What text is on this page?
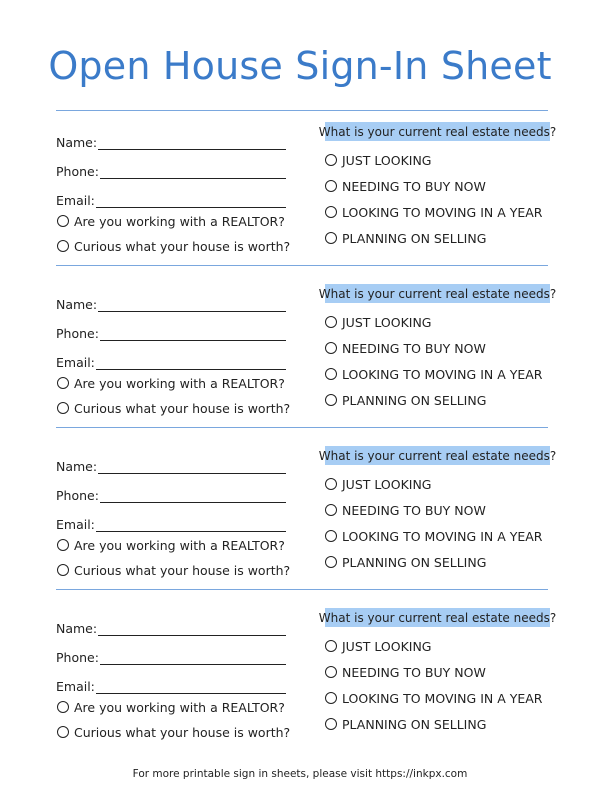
Open House Sign-In Sheet
Name:
Phone:
Email:
Are you working with a REALTOR?
Curious what your house is worth?
What is your current real estate needs?
JUST LOOKING
NEEDING TO BUY NOW
LOOKING TO MOVING IN A YEAR
PLANNING ON SELLING
Name:
Phone:
Email:
Are you working with a REALTOR?
Curious what your house is worth?
What is your current real estate needs?
JUST LOOKING
NEEDING TO BUY NOW
LOOKING TO MOVING IN A YEAR
PLANNING ON SELLING
Name:
Phone:
Email:
Are you working with a REALTOR?
Curious what your house is worth?
What is your current real estate needs?
JUST LOOKING
NEEDING TO BUY NOW
LOOKING TO MOVING IN A YEAR
PLANNING ON SELLING
Name:
Phone:
Email:
Are you working with a REALTOR?
Curious what your house is worth?
What is your current real estate needs?
JUST LOOKING
NEEDING TO BUY NOW
LOOKING TO MOVING IN A YEAR
PLANNING ON SELLING
For more printable sign in sheets, please visit https://inkpx.com
